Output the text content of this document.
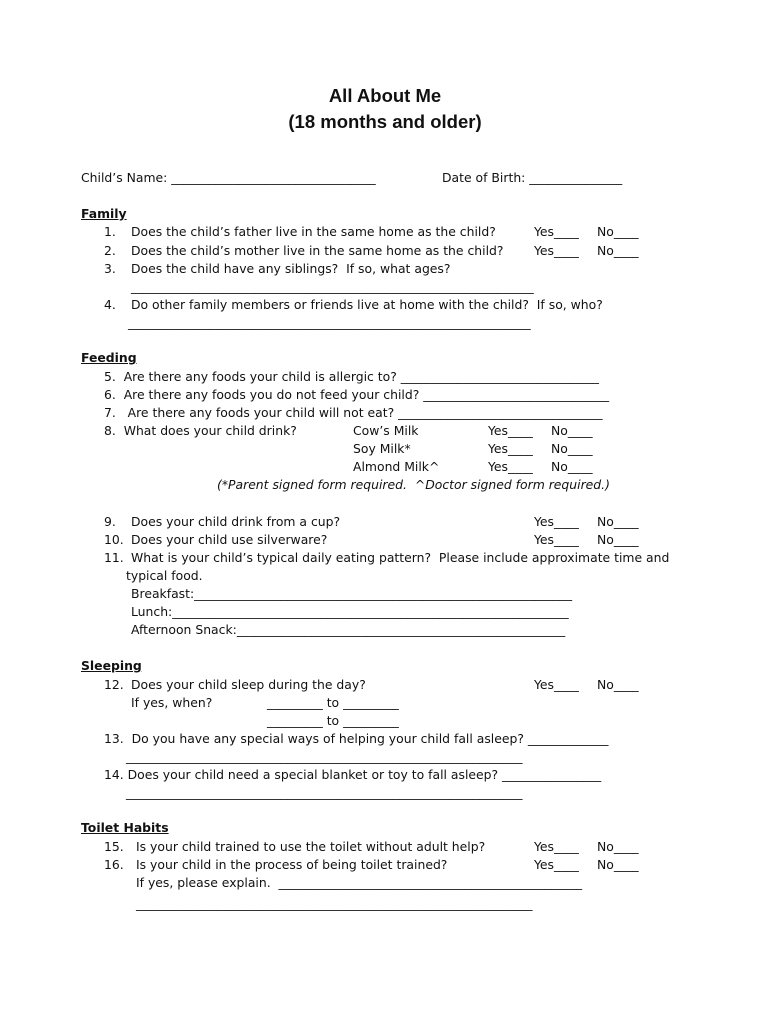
All About Me
(18 months and older)
Child’s Name: _________________________________	Date of Birth: _______________
Family
1. Does the child’s father live in the same home as the child?	Yes____ No____
2. Does the child’s mother live in the same home as the child? Yes____ No____
3. Does the child have any siblings?  If so, what ages?
_________________________________________________________________
4. Do other family members or friends live at home with the child?  If so, who?
_________________________________________________________________
Feeding
5.  Are there any foods your child is allergic to? ________________________________
6.  Are there any foods you do not feed your child? ______________________________
7.   Are there any foods your child will not eat? _________________________________
8.  What does your child drink?	Cow’s Milk	Yes____ No____
Soy Milk*	Yes____ No____
Almond Milk^	Yes____ No____
(*Parent signed form required.  ^Doctor signed form required.)
9. Does your child drink from a cup?	Yes____ No____
10. Does your child use silverware?	Yes____ No____
11. What is your child’s typical daily eating pattern?  Please include approximate time and
typical food.
Breakfast:_____________________________________________________________
Lunch:________________________________________________________________
Afternoon Snack:_____________________________________________________
Sleeping
12. Does your child sleep during the day?	Yes____ No____
If yes, when?	_________ to _________
_________ to _________
13.  Do you have any special ways of helping your child fall asleep? _____________
________________________________________________________________
14. Does your child need a special blanket or toy to fall asleep? ________________
________________________________________________________________
Toilet Habits
15. Is your child trained to use the toilet without adult help?	Yes____ No____
16. Is your child in the process of being toilet trained?	Yes____ No____
If yes, please explain.  _________________________________________________
________________________________________________________________
